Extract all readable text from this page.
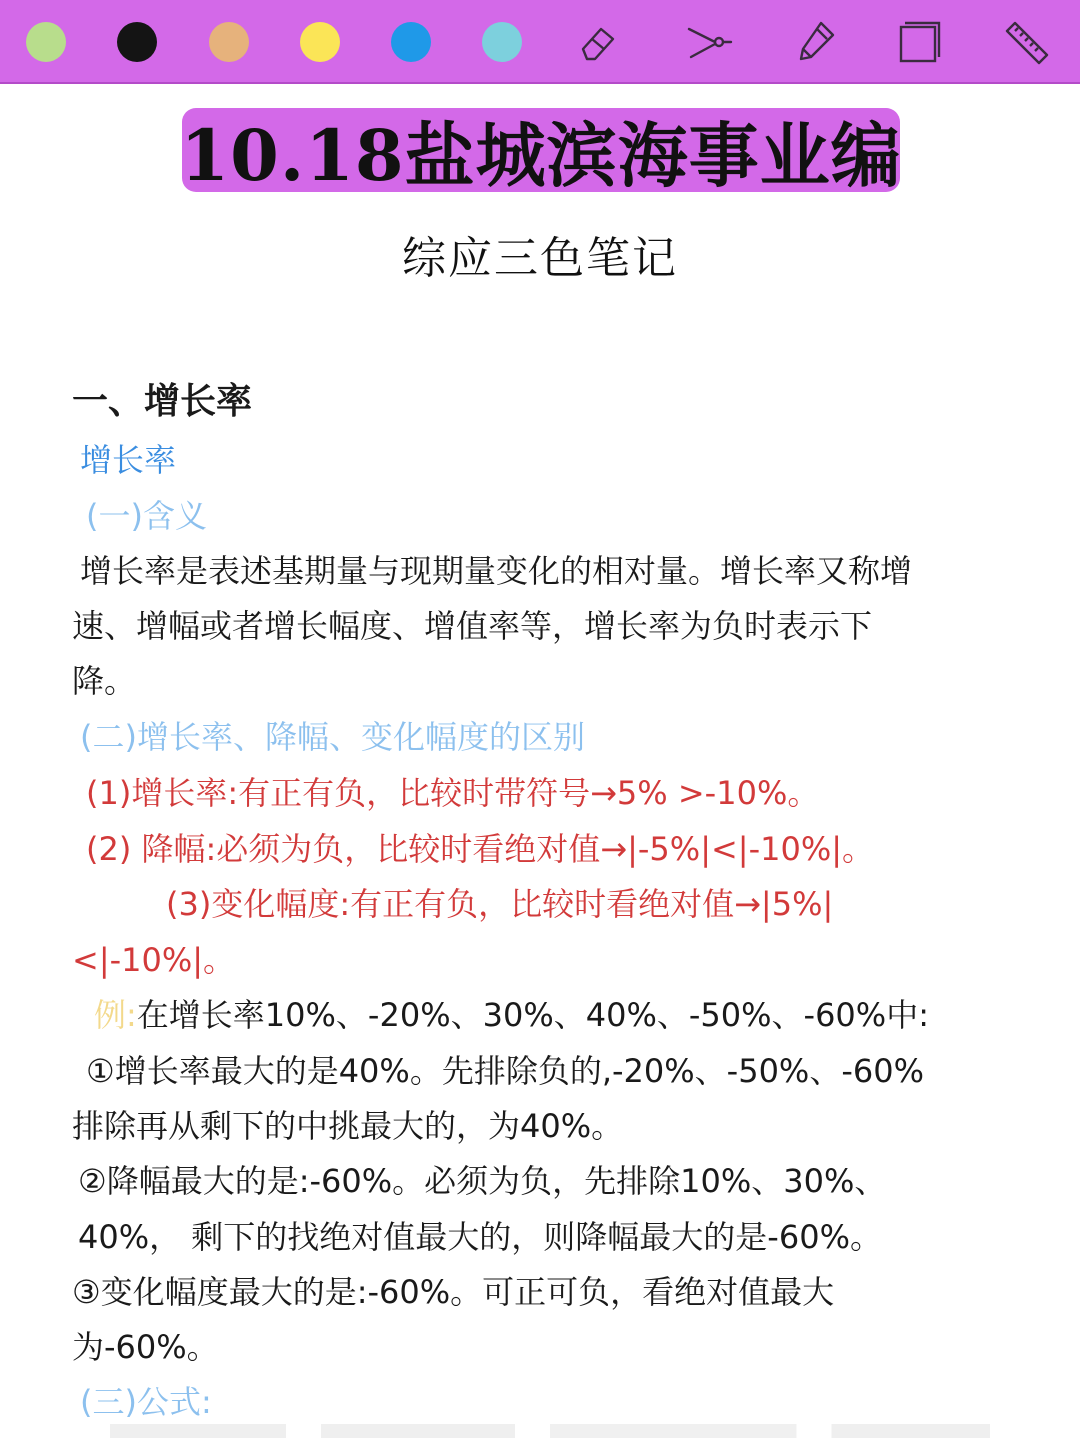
10.18盐城滨海事业编
综应三色笔记
一、增长率
增长率
(一)含义
增长率是表述基期量与现期量变化的相对量。增长率又称增
速、增幅或者增长幅度、增值率等，增长率为负时表示下
降。
(二)增长率、降幅、变化幅度的区别
(1)增长率:有正有负，比较时带符号→5% >-10%。
(2) 降幅:必须为负，比较时看绝对值→|-5%|<|-10%|。
(3)变化幅度:有正有负，比较时看绝对值→|5%|
<|-10%|。
例:在增长率10%、-20%、30%、40%、-50%、-60%中:
①增长率最大的是40%。先排除负的,-20%、-50%、-60%
排除再从剩下的中挑最大的，为40%。
②降幅最大的是:-60%。必须为负，先排除10%、30%、
40%， 剩下的找绝对值最大的，则降幅最大的是-60%。
③变化幅度最大的是:-60%。可正可负，看绝对值最大
为-60%。
(三)公式:
